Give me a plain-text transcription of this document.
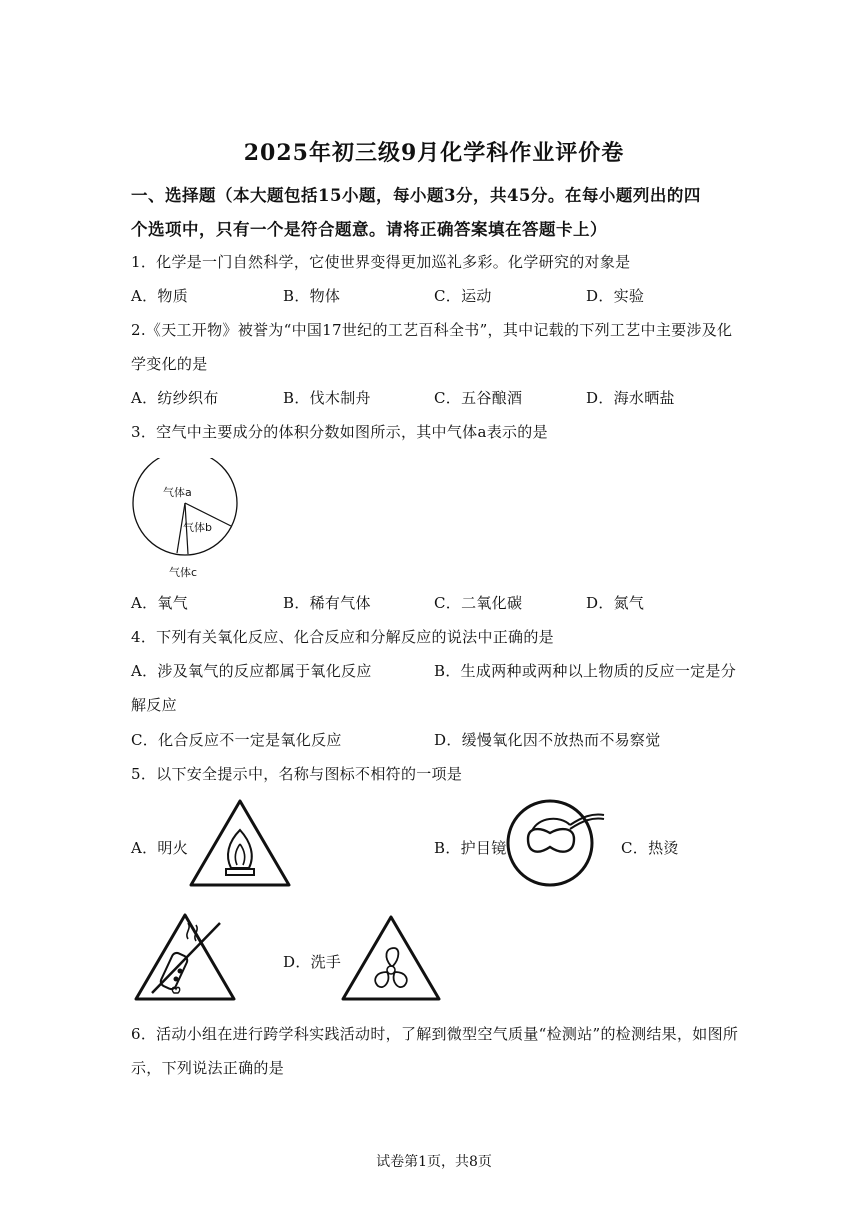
2025年初三级9月化学科作业评价卷
一、选择题（本大题包括15小题，每小题3分，共45分。在每小题列出的四
个选项中，只有一个是符合题意。请将正确答案填在答题卡上）
1．化学是一门自然科学，它使世界变得更加巡礼多彩。化学研究的对象是
A．物质	B．物体	C．运动	D．实验
2.《天工开物》被誉为“中国17世纪的工艺百科全书”，其中记载的下列工艺中主要涉及化
学变化的是
A．纺纱织布	B．伐木制舟	C．五谷酿酒	D．海水晒盐
3．空气中主要成分的体积分数如图所示，其中气体a表示的是
气体a
气体b
气体c
A．氧气	B．稀有气体	C．二氧化碳	D．氮气
4．下列有关氧化反应、化合反应和分解反应的说法中正确的是
A．涉及氧气的反应都属于氧化反应	B．生成两种或两种以上物质的反应一定是分
解反应
C．化合反应不一定是氧化反应	D．缓慢氧化因不放热而不易察觉
5．以下安全提示中，名称与图标不相符的一项是
A．明火	B．护目镜	C．热烫
D．洗手
6．活动小组在进行跨学科实践活动时，了解到微型空气质量“检测站”的检测结果，如图所
示，下列说法正确的是
试卷第1页，共8页
